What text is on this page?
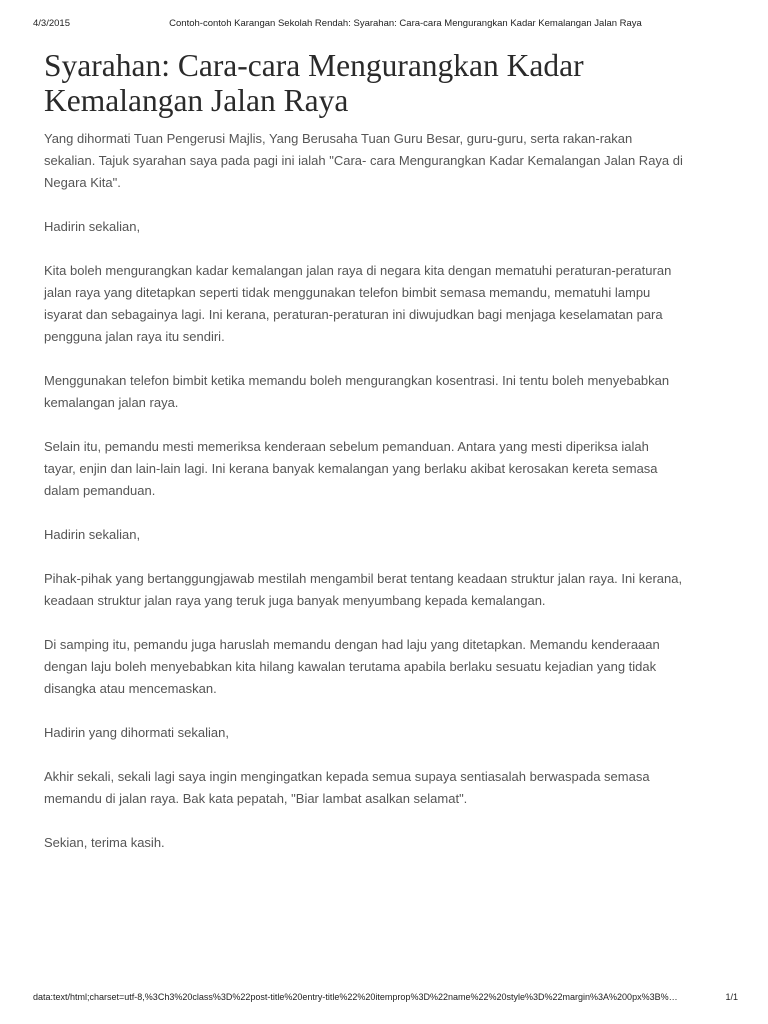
4/3/2015	Contoh-contoh Karangan Sekolah Rendah: Syarahan: Cara-cara Mengurangkan Kadar Kemalangan Jalan Raya
Syarahan: Cara-cara Mengurangkan Kadar Kemalangan Jalan Raya

Yang dihormati Tuan Pengerusi Majlis, Yang Berusaha Tuan Guru Besar, guru-guru, serta rakan-rakan sekalian. Tajuk syarahan saya pada pagi ini ialah "Cara- cara Mengurangkan Kadar Kemalangan Jalan Raya di Negara Kita".

Hadirin sekalian,

Kita boleh mengurangkan kadar kemalangan jalan raya di negara kita dengan mematuhi peraturan-peraturan jalan raya yang ditetapkan seperti tidak menggunakan telefon bimbit semasa memandu, mematuhi lampu isyarat dan sebagainya lagi. Ini kerana, peraturan-peraturan ini diwujudkan bagi menjaga keselamatan para pengguna jalan raya itu sendiri.

Menggunakan telefon bimbit ketika memandu boleh mengurangkan kosentrasi. Ini tentu boleh menyebabkan kemalangan jalan raya.

Selain itu, pemandu mesti memeriksa kenderaan sebelum pemanduan. Antara yang mesti diperiksa ialah tayar, enjin dan lain-lain lagi. Ini kerana banyak kemalangan yang berlaku akibat kerosakan kereta semasa dalam pemanduan.

Hadirin sekalian,

Pihak-pihak yang bertanggungjawab mestilah mengambil berat tentang keadaan struktur jalan raya. Ini kerana, keadaan struktur jalan raya yang teruk juga banyak menyumbang kepada kemalangan.

Di samping itu, pemandu juga haruslah memandu dengan had laju yang ditetapkan. Memandu kenderaaan dengan laju boleh menyebabkan kita hilang kawalan terutama apabila berlaku sesuatu kejadian yang tidak disangka atau mencemaskan.

Hadirin yang dihormati sekalian,

Akhir sekali, sekali lagi saya ingin mengingatkan kepada semua supaya sentiasalah berwaspada semasa memandu di jalan raya. Bak kata pepatah, "Biar lambat asalkan selamat".

Sekian, terima kasih.

data:text/html;charset=utf-8,%3Ch3%20class%3D%22post-title%20entry-title%22%20itemprop%3D%22name%22%20style%3D%22margin%3A%200px%3B%…	1/1
